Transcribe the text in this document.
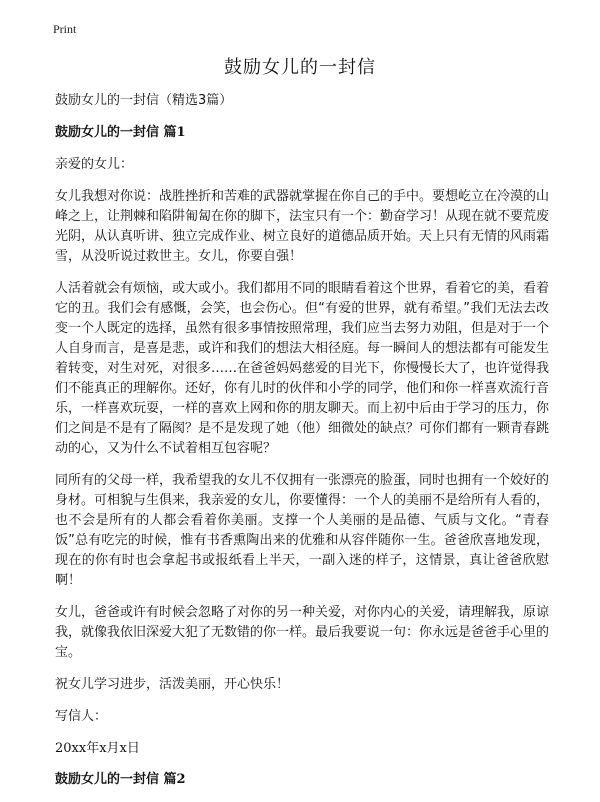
Print
鼓励女儿的一封信

鼓励女儿的一封信（精选3篇）

鼓励女儿的一封信 篇1

亲爱的女儿：

女儿我想对你说：战胜挫折和苦难的武器就掌握在你自己的手中。要想屹立在冷漠的山峰之上，让荆棘和陷阱匍匐在你的脚下，法宝只有一个：勤奋学习！从现在就不要荒废光阴，从认真听讲、独立完成作业、树立良好的道德品质开始。天上只有无情的风雨霜雪，从没听说过救世主。女儿，你要自强！

人活着就会有烦恼，或大或小。我们都用不同的眼睛看着这个世界，看着它的美，看着它的丑。我们会有感慨，会笑，也会伤心。但“有爱的世界，就有希望。”我们无法去改变一个人既定的选择，虽然有很多事情按照常理，我们应当去努力劝阻，但是对于一个人自身而言，是喜是悲，或许和我们的想法大相径庭。每一瞬间人的想法都有可能发生着转变，对生对死，对很多……在爸爸妈妈慈爱的目光下，你慢慢长大了，也许觉得我们不能真正的理解你。还好，你有儿时的伙伴和小学的同学，他们和你一样喜欢流行音乐，一样喜欢玩耍，一样的喜欢上网和你的朋友聊天。而上初中后由于学习的压力，你们之间是不是有了隔阂？是不是发现了她（他）细微处的缺点？可你们都有一颗青春跳动的心，又为什么不试着相互包容呢？

同所有的父母一样，我希望我的女儿不仅拥有一张漂亮的脸蛋，同时也拥有一个姣好的身材。可相貌与生俱来，我亲爱的女儿，你要懂得：一个人的美丽不是给所有人看的，也不会是所有的人都会看着你美丽。支撑一个人美丽的是品德、气质与文化。“青春饭”总有吃完的时候，惟有书香熏陶出来的优雅和从容伴随你一生。爸爸欣喜地发现，现在的你有时也会拿起书或报纸看上半天，一副入迷的样子，这情景，真让爸爸欣慰啊！

女儿，爸爸或许有时候会忽略了对你的另一种关爱，对你内心的关爱，请理解我，原谅我，就像我依旧深爱大犯了无数错的你一样。最后我要说一句：你永远是爸爸手心里的宝。

祝女儿学习进步，活泼美丽，开心快乐！

写信人：

20xx年x月x日

鼓励女儿的一封信 篇2
